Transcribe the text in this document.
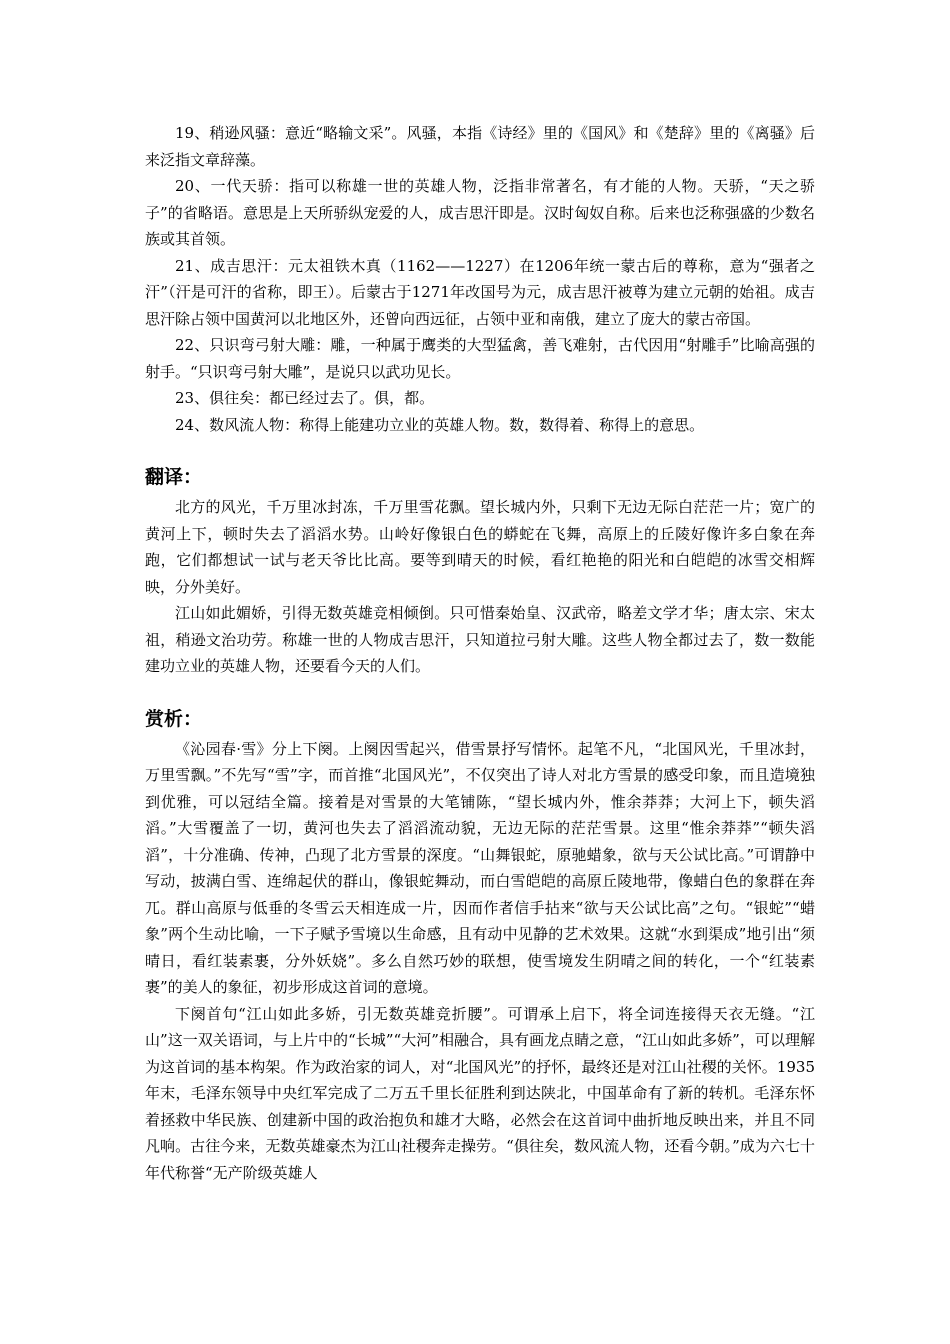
19、稍逊风骚：意近“略输文采”。风骚，本指《诗经》里的《国风》和《楚辞》里的《离骚》后来泛指文章辞藻。

20、一代天骄：指可以称雄一世的英雄人物，泛指非常著名，有才能的人物。天骄，“天之骄子”的省略语。意思是上天所骄纵宠爱的人，成吉思汗即是。汉时匈奴自称。后来也泛称强盛的少数名族或其首领。

21、成吉思汗：元太祖铁木真（1162——1227）在1206年统一蒙古后的尊称，意为“强者之汗”（汗是可汗的省称，即王）。后蒙古于1271年改国号为元，成吉思汗被尊为建立元朝的始祖。成吉思汗除占领中国黄河以北地区外，还曾向西远征，占领中亚和南俄，建立了庞大的蒙古帝国。

22、只识弯弓射大雕：雕，一种属于鹰类的大型猛禽，善飞难射，古代因用“射雕手”比喻高强的射手。“只识弯弓射大雕”，是说只以武功见长。

23、俱往矣：都已经过去了。俱，都。

24、数风流人物：称得上能建功立业的英雄人物。数，数得着、称得上的意思。

翻译：

北方的风光，千万里冰封冻，千万里雪花飘。望长城内外，只剩下无边无际白茫茫一片；宽广的黄河上下，顿时失去了滔滔水势。山岭好像银白色的蟒蛇在飞舞，高原上的丘陵好像许多白象在奔跑，它们都想试一试与老天爷比比高。要等到晴天的时候，看红艳艳的阳光和白皑皑的冰雪交相辉映，分外美好。

江山如此媚娇，引得无数英雄竞相倾倒。只可惜秦始皇、汉武帝，略差文学才华；唐太宗、宋太祖，稍逊文治功劳。称雄一世的人物成吉思汗，只知道拉弓射大雕。这些人物全都过去了，数一数能建功立业的英雄人物，还要看今天的人们。

赏析：

《沁园春·雪》分上下阕。上阕因雪起兴，借雪景抒写情怀。起笔不凡，“北国风光，千里冰封，万里雪飘。”不先写“雪”字，而首推“北国风光”，不仅突出了诗人对北方雪景的感受印象，而且造境独到优雅，可以冠结全篇。接着是对雪景的大笔铺陈，“望长城内外，惟余莽莽；大河上下，顿失滔滔。”大雪覆盖了一切，黄河也失去了滔滔流动貌，无边无际的茫茫雪景。这里“惟余莽莽”“顿失滔滔”，十分准确、传神，凸现了北方雪景的深度。“山舞银蛇，原驰蜡象，欲与天公试比高。”可谓静中写动，披满白雪、连绵起伏的群山，像银蛇舞动，而白雪皑皑的高原丘陵地带，像蜡白色的象群在奔兀。群山高原与低垂的冬雪云天相连成一片，因而作者信手拈来“欲与天公试比高”之句。“银蛇”“蜡象”两个生动比喻，一下子赋予雪境以生命感，且有动中见静的艺术效果。这就“水到渠成”地引出“须晴日，看红装素裹，分外妖娆”。多么自然巧妙的联想，使雪境发生阴晴之间的转化，一个“红装素裹”的美人的象征，初步形成这首词的意境。

下阕首句“江山如此多娇，引无数英雄竞折腰”。可谓承上启下，将全词连接得天衣无缝。“江山”这一双关语词，与上片中的“长城”“大河”相融合，具有画龙点睛之意，“江山如此多娇”，可以理解为这首词的基本构架。作为政治家的词人，对“北国风光”的抒怀，最终还是对江山社稷的关怀。1935年末，毛泽东领导中央红军完成了二万五千里长征胜利到达陕北，中国革命有了新的转机。毛泽东怀着拯救中华民族、创建新中国的政治抱负和雄才大略，必然会在这首词中曲折地反映出来，并且不同凡响。古往今来，无数英雄豪杰为江山社稷奔走操劳。“俱往矣，数风流人物，还看今朝。”成为六七十年代称誉“无产阶级英雄人
